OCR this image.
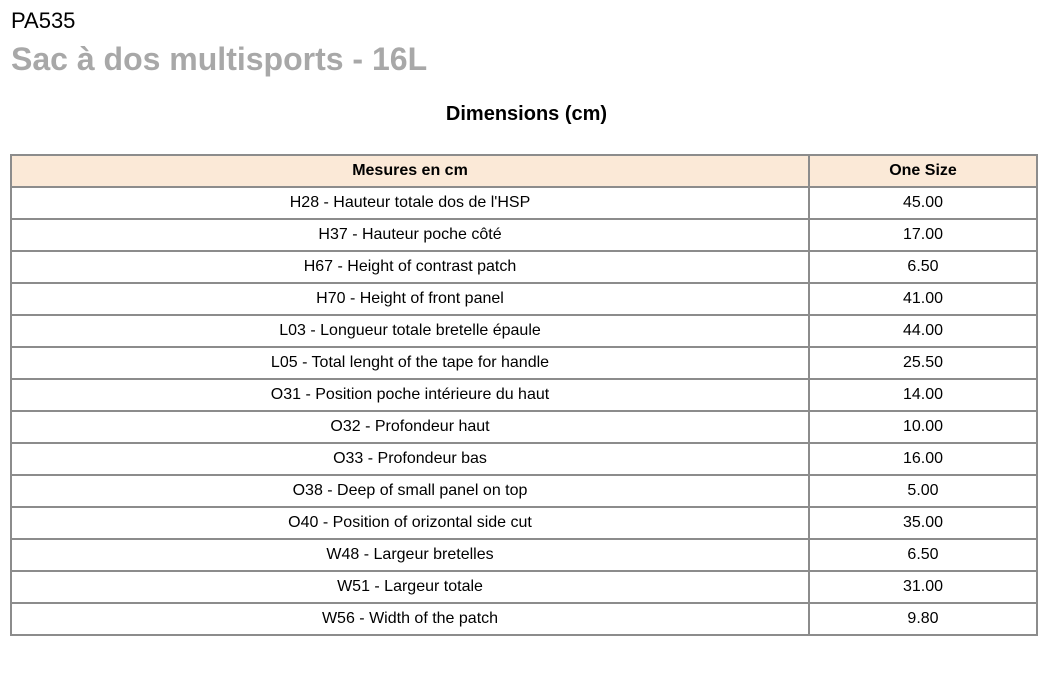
PA535
Sac à dos multisports - 16L
Dimensions (cm)
Mesures en cm	One Size
H28 - Hauteur totale dos de l'HSP	45.00
H37 - Hauteur poche côté	17.00
H67 - Height of contrast patch	6.50
H70 - Height of front panel	41.00
L03 - Longueur totale bretelle épaule	44.00
L05 - Total lenght of the tape for handle	25.50
O31 - Position poche intérieure du haut	14.00
O32 - Profondeur haut	10.00
O33 - Profondeur bas	16.00
O38 - Deep of small panel on top	5.00
O40 - Position of orizontal side cut	35.00
W48 - Largeur bretelles	6.50
W51 - Largeur totale	31.00
W56 - Width of the patch	9.80
